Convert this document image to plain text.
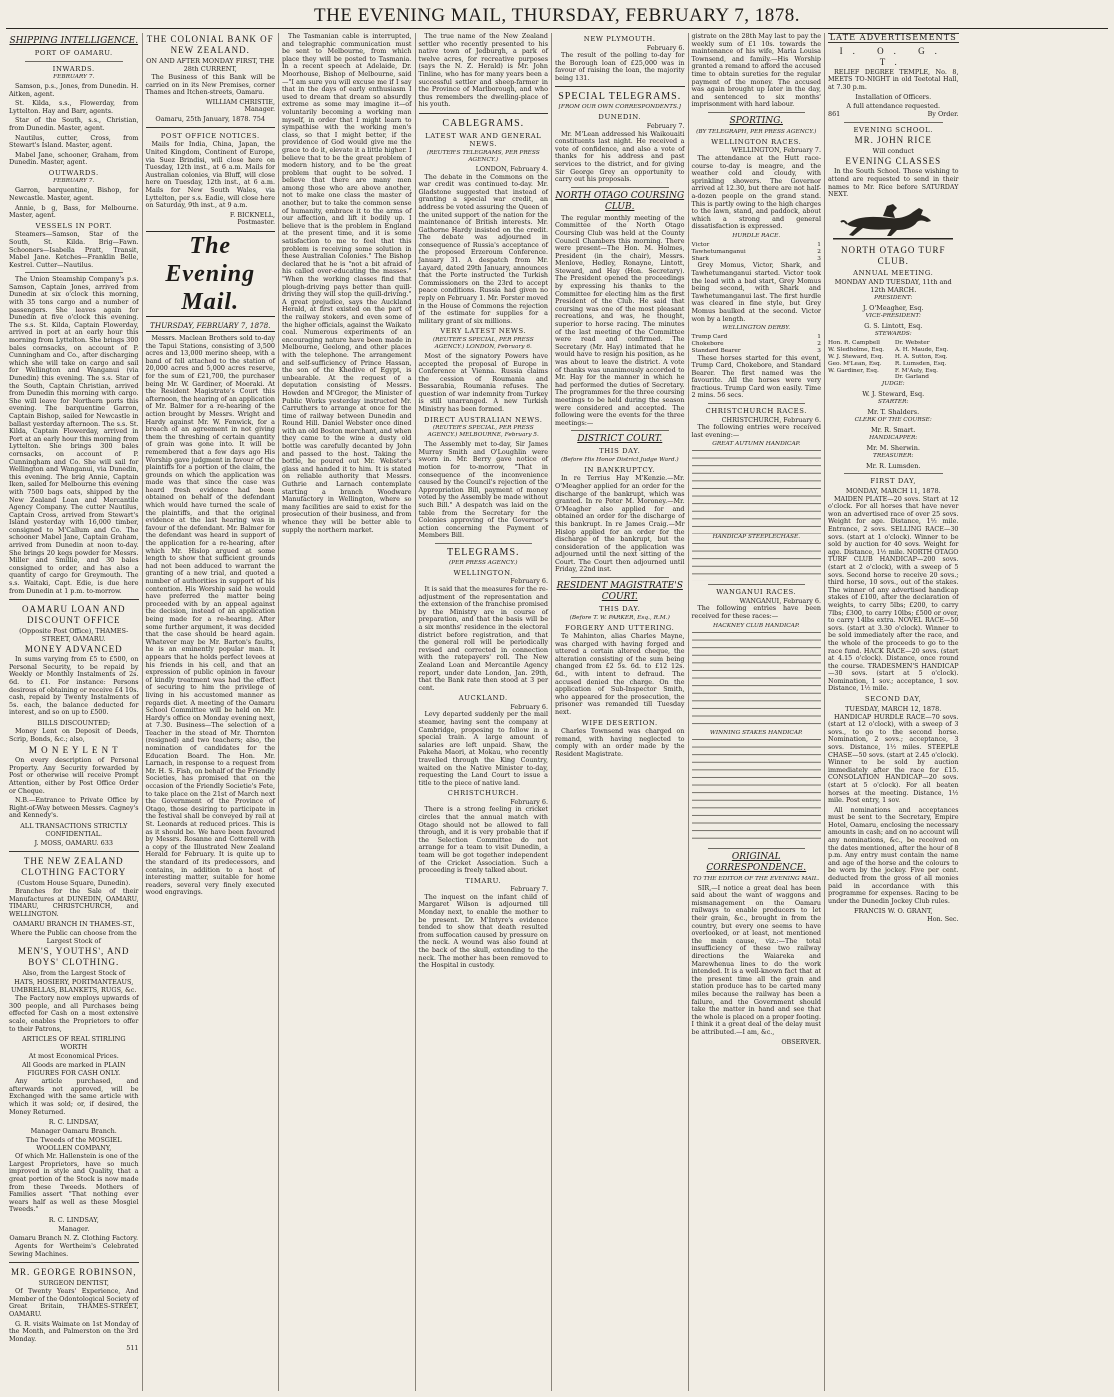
THE EVENING MAIL, THURSDAY, FEBRUARY 7, 1878.
SHIPPING INTELLIGENCE.
PORT OF OAMARU.
INWARDS.
FEBRUARY 7.

Samson, p.s., Jones, from Dunedin. H. Aitken, agent.

St. Kilda, s.s., Flowerday, from Lyttelton. Hay and Barr, agents.

Star of the South, s.s., Christian, from Dunedin. Master, agent.

Nautilus, cutter, Cross, from Stewart's Island. Master, agent.

Mabel Jane, schooner, Graham, from Dunedin. Master, agent.

OUTWARDS.
FEBRUARY 7.

Garron, barquentine, Bishop, for Newcastle. Master, agent.

Annie, b g, Bass, for Melbourne. Master, agent.

VESSELS IN PORT.

Steamers—Samson, Star of the South, St. Kilda. Brig—Fawn. Schooners—Isabella Pratt, Transit, Mabel Jane. Ketches—Franklin Belle, Kestrel. Cutter—Nautilus.

The Union Steamship Company's p.s. Samson, Captain Jones, arrived from Dunedin at six o'clock this morning, with 35 tons cargo and a number of passengers. She leaves again for Dunedin at five o'clock this evening. The s.s. St. Kilda, Captain Flowerday, arrived in port at an early hour this morning from Lyttelton. She brings 300 bales cornsacks, on account of P. Cunningham and Co., after discharging which she will take on cargo and sail for Wellington and Wanganui (via Dunedin) this evening. The s.s. Star of the South, Captain Christian, arrived from Dunedin this morning with cargo. She will leave for Northern ports this evening. The barquentine Garron, Captain Bishop, sailed for Newcastle in ballast yesterday afternoon. The s.s. St. Kilda, Captain Flowerday, arrived in Port at an early hour this morning from Lyttelton. She brings 300 bales cornsacks, on account of P. Cunningham and Co. She will sail for Wellington and Wanganui, via Dunedin, this evening. The brig Annie, Captain Iken, sailed for Melbourne this evening with 7500 bags oats, shipped by the New Zealand Loan and Mercantile Agency Company. The cutter Nautilus, Captain Cross, arrived from Stewart's Island yesterday with 16,000 timber, consigned to M'Callum and Co. The schooner Mabel Jane, Captain Graham, arrived from Dunedin at noon to-day. She brings 20 kegs powder for Messrs. Miller and Smillie, and 30 bales consigned to order, and has also a quantity of cargo for Greymouth. The s.s. Waitaki, Capt. Edie, is due here from Dunedin at 1 p.m. to-morrow.

OAMARU LOAN AND DISCOUNT OFFICE
(Opposite Post Office), THAMES-STREET, OAMARU.
MONEY ADVANCED

In sums varying from £5 to £500, on Personal Security, to be repaid by Weekly or Monthly Instalments of 2s. 6d. to £1. For instance: Persons desirous of obtaining or receive £4 10s. cash, repaid by Twenty Instalments of 5s. each, the balance deducted for interest, and so on up to £500.

BILLS DISCOUNTED;

Money Lent on Deposit of Deeds, Scrip, Bonds, &c.; also,

M O N E Y L E N T

On every description of Personal Property. Any Security forwarded by Post or otherwise will receive Prompt Attention, either by Post Office Order or Cheque.

N.B.—Entrance to Private Office by Right-of-Way between Messrs. Cagney's and Kennedy's.

ALL TRANSACTIONS STRICTLY CONFIDENTIAL.
J. MOSS, OAMARU. 633
THE NEW ZEALAND CLOTHING FACTORY
(Custom House Square, Dunedin).

Branches for the Sale of their Manufactures at DUNEDIN, OAMARU, TIMARU, CHRISTCHURCH, and WELLINGTON.

OAMARU BRANCH IN THAMES-ST.,
Where the Public can choose from the Largest Stock of
MEN'S, YOUTHS', AND BOYS' CLOTHING.
Also, from the Largest Stock of
HATS, HOSIERY, PORTMANTEAUS, UMBRELLAS, BLANKETS, RUGS, &c.

The Factory now employs upwards of 300 people, and all Purchases being effected for Cash on a most extensive scale, enables the Proprietors to offer to their Patrons,

ARTICLES OF REAL STIRLING WORTH
At most Economical Prices.
All Goods are marked in PLAIN FIGURES FOR CASH ONLY.

Any article purchased, and afterwards not approved, will be Exchanged with the same article with which it was sold; or, if desired, the Money Returned.

R. C. LINDSAY,
Manager Oamaru Branch.
The Tweeds of the MOSGIEL WOOLLEN COMPANY,

Of which Mr. Hallenstein is one of the Largest Proprietors, have so much improved in style and Quality, that a great portion of the Stock is now made from these Tweeds. Mothers of Families assert "That nothing ever wears half as well as these Mosgiel Tweeds."

R. C. LINDSAY,
Manager.
Oamaru Branch N. Z. Clothing Factory.

Agents for Wertheim's Celebrated Sewing Machines.

MR. GEORGE ROBINSON,
SURGEON DENTIST,

Of Twenty Years' Experience, And Member of the Odontological Society of Great Britain, THAMES-STREET, OAMARU.

G. R. visits Waimate on 1st Monday of the Month, and Palmerston on the 3rd Monday.

511
THE COLONIAL BANK OF NEW ZEALAND.
ON AND AFTER MONDAY FIRST, THE 28th CURRENT,

The Business of this Bank will be carried on in its New Premises, corner Thames and Itchen-streets, Oamaru.

WILLIAM CHRISTIE,
Manager.
Oamaru, 25th January, 1878. 754
POST OFFICE NOTICES.

Mails for India, China, Japan, the United Kingdom, Continent of Europe, via Suez Brindisi, will close here on Tuesday, 12th inst., at 6 a.m. Mails for Australian colonies, via Bluff, will close here on Tuesday, 12th inst., at 6 a.m. Mails for New South Wales, via Lyttelton, per s.s. Eadie, will close here on Saturday, 9th inst., at 9 a.m.

F. BICKNELL,
Postmaster.
The Evening Mail.
THURSDAY, FEBRUARY 7, 1878.

Messrs. Maclean Brothers sold to-day the Tapui Stations, consisting of 3,500 acres and 13,000 merino sheep, with a band of fell attached to the station of 20,000 acres and 5,000 acres reserve, for the sum of £21,700, the purchaser being Mr. W. Gardiner, of Moeraki. At the Resident Magistrate's Court this afternoon, the hearing of an application of Mr. Balmer for a re-hearing of the action brought by Messrs. Wright and Hardy against Mr. W. Fenwick, for a breach of an agreement in not giving them the threshing of certain quantity of grain was gone into. It will be remembered that a few days ago His Worship gave judgment in favour of the plaintiffs for a portion of the claim, the grounds on which the application was made was that since the case was heard fresh evidence had been obtained on behalf of the defendant which would have turned the scale of the plaintiffs, and that the original evidence at the last hearing was in favour of the defendant. Mr. Balmer for the defendant was heard in support of the application for a re-hearing, after which Mr. Hislop argued at some length to show that sufficient grounds had not been adduced to warrant the granting of a new trial, and quoted a number of authorities in support of his contention. His Worship said he would have preferred the matter being proceeded with by an appeal against the decision, instead of an application being made for a re-hearing. After some further argument, it was decided that the case should be heard again. Whatever may be Mr. Barton's faults, he is an eminently popular man. It appears that he holds perfect levees at his friends in his cell, and that an expression of public opinion in favour of kindly treatment was had the effect of securing to him the privilege of living in his accustomed manner as regards diet. A meeting of the Oamaru School Committee will be held on Mr. Hardy's office on Monday evening next, at 7.30. Business—The selection of a Teacher in the stead of Mr. Thornton (resigned) and two teachers; also, the nomination of candidates for the Education Board. The Hon. Mr. Larnach, in response to a request from Mr. H. S. Fish, on behalf of the Friendly Societies, has promised that on the occasion of the Friendly Societie's Fete, to take place on the 21st of March next the Government of the Province of Otago, those desiring to participate in the festival shall be conveyed by rail at St. Leonards at reduced prices. This is as it should be. We have been favoured by Messrs. Rosanne and Cotterell with a copy of the Illustrated New Zealand Herald for February. It is quite up to the standard of its predecessors, and contains, in addition to a host of interesting matter, suitable for home readers, several very finely executed wood engravings.

The Tasmanian cable is interrupted, and telegraphic communication must be sent to Melbourne, from which place they will be posted to Tasmania. In a recent speech at Adelaide, Dr. Moorhouse, Bishop of Melbourne, said—"I am sure you will excuse me if I say that in the days of early enthusiasm I used to dream that dream so absurdly extreme as some may imagine it—of voluntarily becoming a working man myself, in order that I might learn to sympathise with the working men's class, so that I might better, if the providence of God would give me the grace to do it, elevate it a little higher. I believe that to be the great problem of modern history, and to be the great problem that ought to be solved. I believe that there are many men among those who are above another, not to make one class the master of another, but to take the common sense of humanity, embrace it to the arms of our affection, and lift it bodily up. I believe that is the problem in England at the present time, and it is some satisfaction to me to feel that this problem is receiving some solution in these Australian Colonies." The Bishop declared that he is "not a bit afraid of his called over-educating the masses." "When the working classes find that plough-driving pays better than quill-driving they will stop the quill-driving." A great prejudice, says the Auckland Herald, at first existed on the part of the railway stokers, and even some of the higher officials, against the Waikato coal. Numerous experiments of an encouraging nature have been made in Melbourne, Geelong, and other places with the telephone. The arrangement and self-sufficiency of Prince Hassan, the son of the Khedive of Egypt, is unbearable. At the request of a deputation consisting of Messrs. Howden and M'Gregor, the Minister of Public Works yesterday instructed Mr. Carruthers to arrange at once for the time of railway between Dunedin and Round Hill. Daniel Webster once dined with an old Boston merchant, and when they came to the wine a dusty old bottle was carefully decanted by John and passed to the host. Taking the bottle, he poured out Mr. Webster's glass and handed it to him. It is stated on reliable authority that Messrs. Guthrie and Larnach contemplate starting a branch Woodware Manufactory in Wellington, where so many facilities are said to exist for the prosecution of their business, and from whence they will be better able to supply the northern market.

The true name of the New Zealand settler who recently presented to his native town of Jedburgh, a park of twelve acres, for recreative purposes (says the N. Z. Herald) is Mr. John Tinline, who has for many years been a successful settler and sheep-farmer in the Province of Marlborough, and who thus remembers the dwelling-place of his youth.

CABLEGRAMS.
LATEST WAR AND GENERAL NEWS.
(REUTER'S TELEGRAMS, PER PRESS AGENCY.)
LONDON, February 4.

The debate in the Commons on the war credit was continued to-day. Mr. Gladstone suggested that instead of granting a special war credit, an address be voted assuring the Queen of the united support of the nation for the maintenance of British interests. Mr. Gathorne Hardy insisted on the credit. The debate was adjourned in consequence of Russia's acceptance of the proposed Erzeroum Conference. January 31. A despatch from Mr. Layard, dated 29th January, announces that the Porte instructed the Turkish Commissioners on the 23rd to accept peace conditions. Russia had given no reply on February 1. Mr. Forster moved in the House of Commons the rejection of the estimate for supplies for a military grant of six millions.

VERY LATEST NEWS.
(REUTER'S SPECIAL, PER PRESS AGENCY.) LONDON, February 6.

Most of the signatory Powers have accepted the proposal of Europe in Conference at Vienna. Russia claims the cession of Roumania and Bessarabia, Roumania refuses. The question of war indemnity from Turkey is still unarranged. A new Turkish Ministry has been formed.

DIRECT AUSTRALIAN NEWS.
(REUTER'S SPECIAL, PER PRESS AGENCY.) MELBOURNE, February 5.

The Assembly met to-day, Sir James Murray Smith and O'Loughlin were sworn in. Mr. Berry gave notice of motion for to-morrow, "That in consequence of the inconvenience caused by the Council's rejection of the Appropriation Bill, payment of money voted by the Assembly be made without such Bill." A despatch was laid on the table from the Secretary for the Colonies approving of the Governor's action concerning the Payment of Members Bill.

TELEGRAMS.
(PER PRESS AGENCY.)
WELLINGTON.
February 6.

It is said that the measures for the re-adjustment of the representation and the extension of the franchise promised by the Ministry are in course of preparation, and that the basis will be a six months' residence in the electoral district before registration, and that the general roll will be periodically revised and corrected in connection with the ratepayers' roll. The New Zealand Loan and Mercantile Agency report, under date London, Jan. 29th, that the Bank rate then stood at 3 per cent.

AUCKLAND.
February 6.

Levy departed suddenly per the mail steamer, having sent the company at Cambridge, proposing to follow in a special train. A large amount of salaries are left unpaid. Shaw, the Pakeha Maori, at Mokau, who recently travelled through the King Country, waited on the Native Minister to-day, requesting the Land Court to issue a title to the piece of native land.

CHRISTCHURCH.
February 6.

There is a strong feeling in cricket circles that the annual match with Otago should not be allowed to fall through, and it is very probable that if the Selection Committee do not arrange for a team to visit Dunedin, a team will be got together independent of the Cricket Association. Such a proceeding is freely talked about.

TIMARU.
February 7.

The inquest on the infant child of Margaret Wilson is adjourned till Monday next, to enable the mother to be present. Dr. M'Intyre's evidence tended to show that death resulted from suffocation caused by pressure on the neck. A wound was also found at the back of the skull, extending to the neck. The mother has been removed to the Hospital in custody.

NEW PLYMOUTH.
February 6.

The result of the polling to-day for the Borough loan of £25,000 was in favour of raising the loan, the majority being 131.

SPECIAL TELEGRAMS.
[FROM OUR OWN CORRESPONDENTS.]
DUNEDIN.
February 7.

Mr. M'Lean addressed his Waikouaiti constituents last night. He received a vote of confidence, and also a vote of thanks for his address and past services to the district, and for giving Sir George Grey an opportunity to carry out his proposals.

NORTH OTAGO COURSING CLUB.

The regular monthly meeting of the Committee of the North Otago Coursing Club was held at the County Council Chambers this morning. There were present—The Hon. M. Holmes, President (in the chair), Messrs. Menlove, Hedley, Ronayne, Lintott, Steward, and Hay (Hon. Secretary). The President opened the proceedings by expressing his thanks to the Committee for electing him as the first President of the Club. He said that coursing was one of the most pleasant recreations, and was, he thought, superior to horse racing. The minutes of the last meeting of the Committee were read and confirmed. The Secretary (Mr. Hay) intimated that he would have to resign his position, as he was about to leave the district. A vote of thanks was unanimously accorded to Mr. Hay for the manner in which he had performed the duties of Secretary. The programmes for the three coursing meetings to be held during the season were considered and accepted. The following were the events for the three meetings:—

DISTRICT COURT.
THIS DAY.
(Before His Honor District Judge Ward.)
IN BANKRUPTCY.

In re Terrius Hay M'Kenzie.—Mr. O'Meagher applied for an order for the discharge of the bankrupt, which was granted. In re Peter M. Moroney.—Mr. O'Meagher also applied for and obtained an order for the discharge of this bankrupt. In re James Craig.—Mr Hislop applied for an order for the discharge of the bankrupt, but the consideration of the application was adjourned until the next sitting of the Court. The Court then adjourned until Friday, 22nd inst.

RESIDENT MAGISTRATE'S COURT.
THIS DAY.
(Before T. W. PARKER, Esq., R.M.)
FORGERY AND UTTERING.

Te Mahinton, alias Charles Mayne, was charged with having forged and uttered a certain altered cheque, the alteration consisting of the sum being changed from £2 5s. 6d. to £12 12s. 6d., with intent to defraud. The accused denied the charge. On the application of Sub-Inspector Smith, who appeared for the prosecution, the prisoner was remanded till Tuesday next.

WIFE DESERTION.

Charles Townsend was charged on remand, with having neglected to comply with an order made by the Resident Magistrate.

gistrate on the 28th May last to pay the weekly sum of £1 10s. towards the maintenance of his wife, Maria Louisa Townsend, and family.—His Worship granted a remand to afford the accused time to obtain sureties for the regular payment of the money. The accused was again brought up later in the day, and sentenced to six months' imprisonment with hard labour.

SPORTING.
(BY TELEGRAPH, PER PRESS AGENCY.)
WELLINGTON RACES.
WELLINGTON, February 7.

The attendance at the Hutt race-course to-day is meagre, and the weather cold and cloudy, with sprinkling showers. The Governor arrived at 12.30, but there are not half-a-dozen people on the grand stand. This is partly owing to the high charges to the lawn, stand, and paddock, about which a strong and general dissatisfaction is expressed.

HURDLE RACE.
Victor	1
Tawhetumanganui	2
Shark	3

Grey Momus, Victor, Shark, and Tawhetumanganui started. Victor took the lead with a bad start, Grey Momus being second, with Shark and Tawhetumanganui last. The first hurdle was cleared in fine style, but Grey Momus baulked at the second. Victor won by a length.

WELLINGTON DERBY.
Trump Card	1
Chokebore	2
Standard Bearer	3

These horses started for this event, Trump Card, Chokebore, and Standard Bearer. The first named was the favourite. All the horses were very fractious. Trump Card won easily. Time 2 mins. 56 secs.

CHRISTCHURCH RACES.
CHRISTCHURCH, February 6.

The following entries were received last evening:—

GREAT AUTUMN HANDICAP.
HANDICAP STEEPLECHASE.
WANGANUI RACES.
WANGANUI, February 6.

The following entries have been received for these races:—

HACKNEY CLUB HANDICAP.
WINNING STAKES HANDICAP.
ORIGINAL CORRESPONDENCE.
TO THE EDITOR OF THE EVENING MAIL.

SIR,—I notice a great deal has been said about the want of waggons and mismanagement on the Oamaru railways to enable producers to let their grain, &c., brought in from the country, but every one seems to have overlooked, or at least, not mentioned the main cause, viz.:—The total insufficiency of these two railway directions the Waiareka and Marewhenua lines to do the work intended. It is a well-known fact that at the present time all the grain and station produce has to be carted many miles because the railway has been a failure, and the Government should take the matter in hand and see that the whole is placed on a proper footing. I think it a great deal of the delay must be attributed.—I am, &c.,

OBSERVER.
LATE ADVERTISEMENTS
I. O. G. T.

RELIEF DEGREE TEMPLE, No. 8, MEETS TO-NIGHT in old Teetotal Hall, at 7.30 p.m.

Installation of Officers.
A full attendance requested.
861	By Order.
EVENING SCHOOL.
MR. JOHN RICE
Will conduct
EVENING CLASSES

In the South School. Those wishing to attend are requested to send in their names to Mr. Rice before SATURDAY NEXT.

NORTH OTAGO TURF CLUB.
ANNUAL MEETING.
MONDAY AND TUESDAY, 11th and 12th MARCH.
PRESIDENT:
J. O'Meagher, Esq.
VICE-PRESIDENT:
G. S. Lintott, Esq.
STEWARDS:
Hon. R. Campbell	Dr. Webster
W. Sledholme, Esq.	A. H. Maude, Esq.
W. J. Steward, Esq.	H. A. Sutton, Esq.
Geo. M'Lean, Esq.	R. Lumsden, Esq.
W. Gardiner, Esq.	F. M'Auly, Esq.
	Dr. Garland
JUDGE:
W. J. Steward, Esq.
STARTER:
Mr. T. Shalders.
CLERK OF THE COURSE:
Mr. R. Smart.
HANDICAPPER:
Mr. M. Sherwin.
TREASURER:
Mr. R. Lumsden.
FIRST DAY,
MONDAY, MARCH 11, 1878.

MAIDEN PLATE—20 sovs. Start at 12 o'clock. For all horses that have never won an advertised race of over 25 sovs. Weight for age. Distance, 1½ mile. Entrance, 2 sovs. SELLING RACE—30 sovs. (start at 1 o'clock). Winner to be sold by auction for 40 sovs. Weight for age. Distance, 1½ mile. NORTH OTAGO TURF CLUB HANDICAP—200 sovs. (start at 2 o'clock), with a sweep of 5 sovs. Second horse to receive 20 sovs.; third horse, 10 sovs., out of the stakes. The winner of any advertised handicap stakes of £100, after the declaration of weights, to carry 5lbs; £200, to carry 7lbs; £300, to carry 10lbs; £500 or over, to carry 14lbs extra. NOVEL RACE—50 sovs. (start at 3.30 o'clock). Winner to be sold immediately after the race, and the whole of the proceeds to go to the race fund. HACK RACE—20 sovs. (start at 4.15 o'clock). Distance, once round the course. TRADESMEN'S HANDICAP—30 sovs. (start at 5 o'clock). Nomination, 1 sov.; acceptance, 1 sov. Distance, 1½ mile.

SECOND DAY,
TUESDAY, MARCH 12, 1878.

HANDICAP HURDLE RACE—70 sovs. (start at 12 o'clock), with a sweep of 3 sovs., to go to the second horse. Nomination, 2 sovs.; acceptance, 3 sovs. Distance, 1½ miles. STEEPLE CHASE—50 sovs. (start at 2.45 o'clock). Winner to be sold by auction immediately after the race for £15. CONSOLATION HANDICAP—20 sovs. (start at 5 o'clock). For all beaten horses at the meeting. Distance, 1½ mile. Post entry, 1 sov.

All nominations and acceptances must be sent to the Secretary, Empire Hotel, Oamaru, enclosing the necessary amounts in cash; and on no account will any nominations, &c., be received on the dates mentioned, after the hour of 8 p.m. Any entry must contain the name and age of the horse and the colours to be worn by the jockey. Five per cent. deducted from the gross of all monies paid in accordance with this programme for expenses. Racing to be under the Dunedin Jockey Club rules.

FRANCIS W. O. GRANT,
Hon. Sec.
